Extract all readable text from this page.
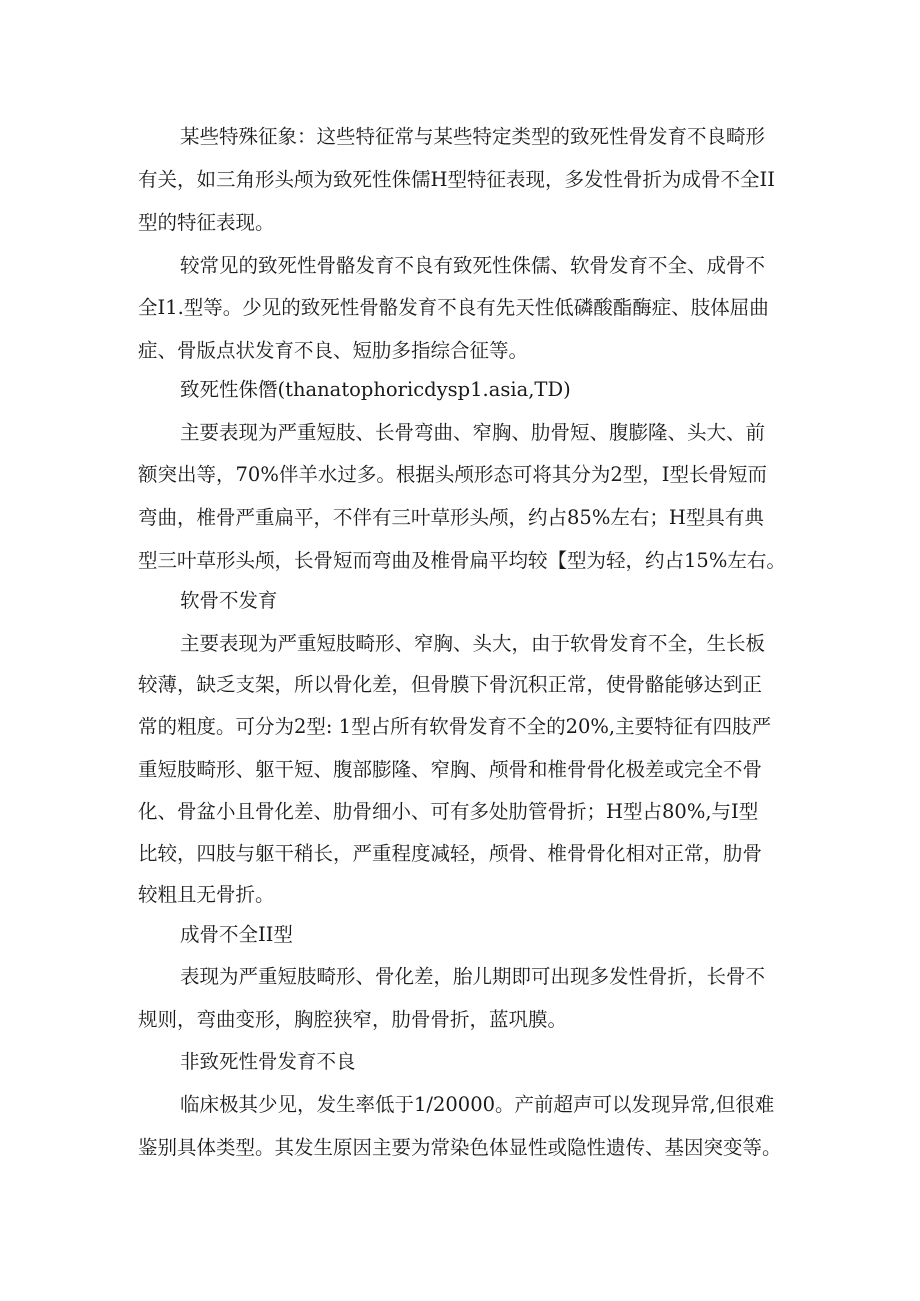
某些特殊征象：这些特征常与某些特定类型的致死性骨发育不良畸形
有关，如三角形头颅为致死性侏儒H型特征表现，多发性骨折为成骨不全II
型的特征表现。
较常见的致死性骨骼发育不良有致死性侏儒、软骨发育不全、成骨不
全I1.型等。少见的致死性骨骼发育不良有先天性低磷酸酯酶症、肢体屈曲
症、骨版点状发育不良、短肋多指综合征等。
致死性侏僭(thanatophoricdysp1.asia,TD)
主要表现为严重短肢、长骨弯曲、窄胸、肋骨短、腹膨隆、头大、前
额突出等，70%伴羊水过多。根据头颅形态可将其分为2型，I型长骨短而
弯曲，椎骨严重扁平，不伴有三叶草形头颅，约占85%左右；H型具有典
型三叶草形头颅，长骨短而弯曲及椎骨扁平均较【型为轻，约占15%左右。
软骨不发育
主要表现为严重短肢畸形、窄胸、头大，由于软骨发育不全，生长板
较薄，缺乏支架，所以骨化差，但骨膜下骨沉积正常，使骨骼能够达到正
常的粗度。可分为2型: 1型占所有软骨发育不全的20%,主要特征有四肢严
重短肢畸形、躯干短、腹部膨隆、窄胸、颅骨和椎骨骨化极差或完全不骨
化、骨盆小且骨化差、肋骨细小、可有多处肋管骨折；H型占80%,与I型
比较，四肢与躯干稍长，严重程度减轻，颅骨、椎骨骨化相对正常，肋骨
较粗且无骨折。
成骨不全II型
表现为严重短肢畸形、骨化差，胎儿期即可出现多发性骨折，长骨不
规则，弯曲变形，胸腔狭窄，肋骨骨折，蓝巩膜。
非致死性骨发育不良
临床极其少见，发生率低于1/20000。产前超声可以发现异常,但很难
鉴别具体类型。其发生原因主要为常染色体显性或隐性遗传、基因突变等。
